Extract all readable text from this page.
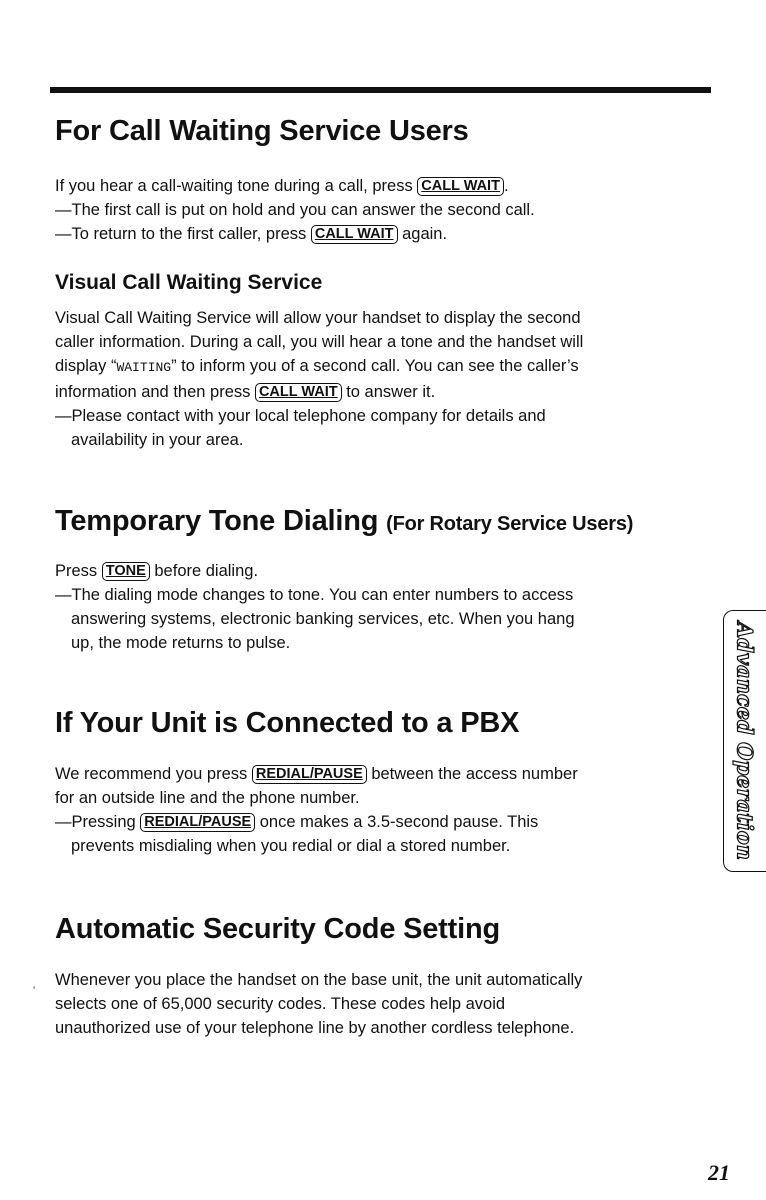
For Call Waiting Service Users

If you hear a call-waiting tone during a call, press CALL WAIT .

—The first call is put on hold and you can answer the second call.

—To return to the first caller, press CALL WAIT again.

Visual Call Waiting Service

Visual Call Waiting Service will allow your handset to display the second

caller information. During a call, you will hear a tone and the handset will

display “WAITING” to inform you of a second call. You can see the caller’s

information and then press CALL WAIT to answer it.

—Please contact with your local telephone company for details and

availability in your area.

Temporary Tone Dialing (For Rotary Service Users)

Press TONE before dialing.

—The dialing mode changes to tone. You can enter numbers to access

answering systems, electronic banking services, etc. When you hang

up, the mode returns to pulse.

If Your Unit is Connected to a PBX

We recommend you press REDIAL/PAUSE between the access number

for an outside line and the phone number.

—Pressing REDIAL/PAUSE once makes a 3.5-second pause. This

prevents misdialing when you redial or dial a stored number.

Automatic Security Code Setting

Whenever you place the handset on the base unit, the unit automatically

selects one of 65,000 security codes. These codes help avoid

unauthorized use of your telephone line by another cordless telephone.

‘
Advanced Operation
21
